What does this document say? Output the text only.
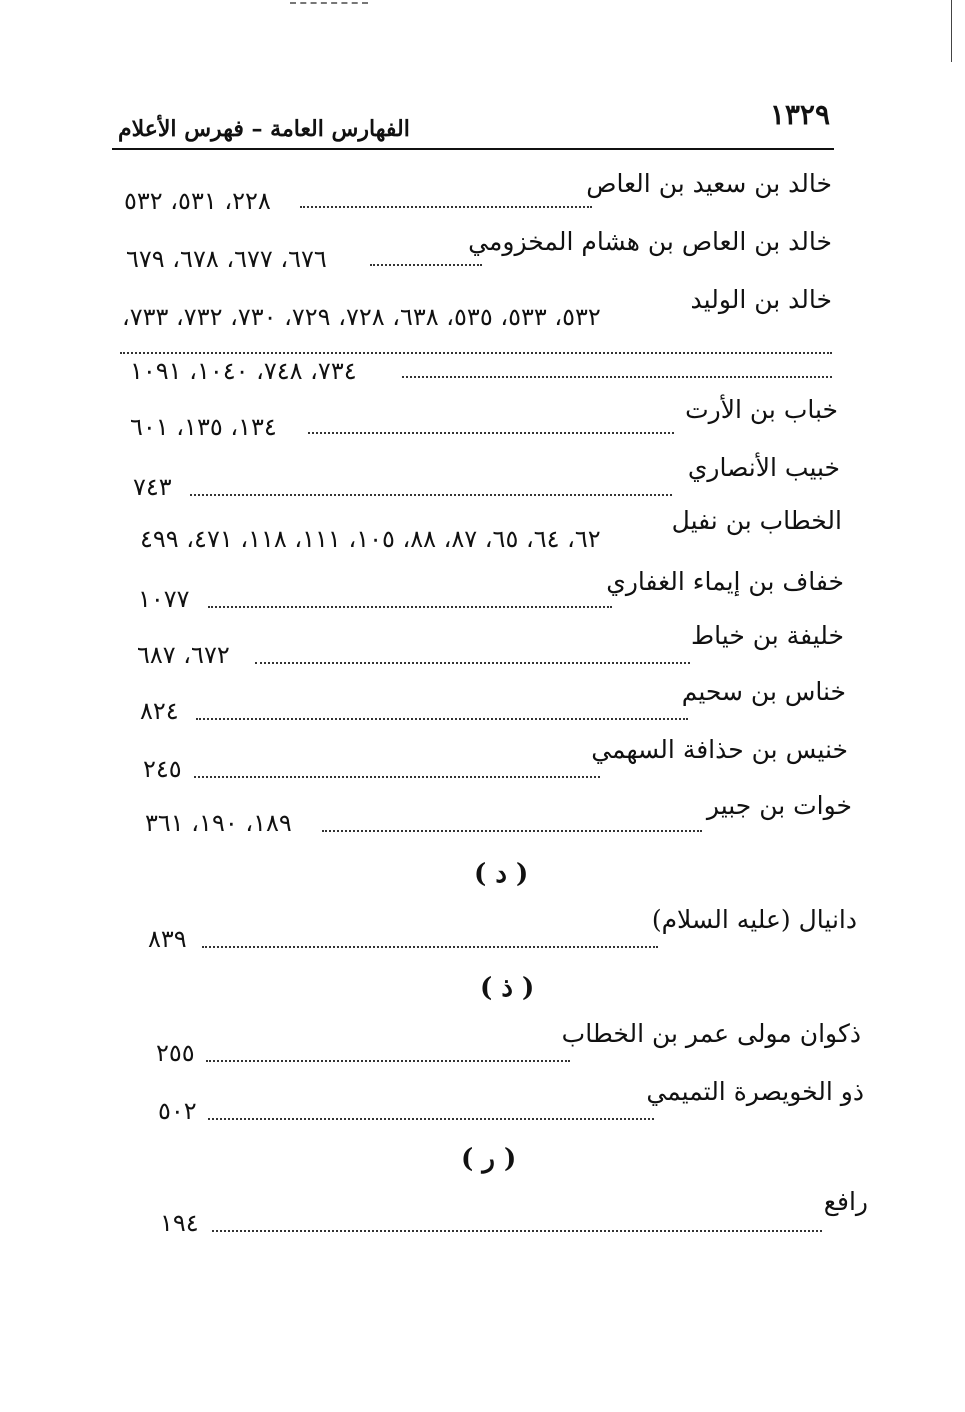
١٣٢٩
الفهارس العامة – فهرس الأعلام
خالد بن سعيد بن العاص
٢٢٨، ٥٣١، ٥٣٢
خالد بن العاص بن هشام المخزومي
٦٧٦، ٦٧٧، ٦٧٨، ٦٧٩
خالد بن الوليد
٥٣٢، ٥٣٣، ٥٣٥، ٦٣٨، ٧٢٨، ٧٢٩، ٧٣٠، ٧٣٢، ٧٣٣،
٧٣٤، ٧٤٨، ١٠٤٠، ١٠٩١
خباب بن الأرت
١٣٤، ١٣٥، ٦٠١
خبيب الأنصاري
٧٤٣
الخطاب بن نفيل
٦٢، ٦٤، ٦٥، ٨٧، ٨٨، ١٠٥، ١١١، ١١٨، ٤٧١، ٤٩٩
خفاف بن إيماء الغفاري
١٠٧٧
خليفة بن خياط
٦٧٢، ٦٨٧
خناس بن سحيم
٨٢٤
خنيس بن حذافة السهمي
٢٤٥
خوات بن جبير
١٨٩، ١٩٠، ٣٦١
( د )
دانيال (عليه السلام)
٨٣٩
( ذ )
ذكوان مولى عمر بن الخطاب
٢٥٥
ذو الخويصرة التميمي
٥٠٢
( ر )
رافع
١٩٤
